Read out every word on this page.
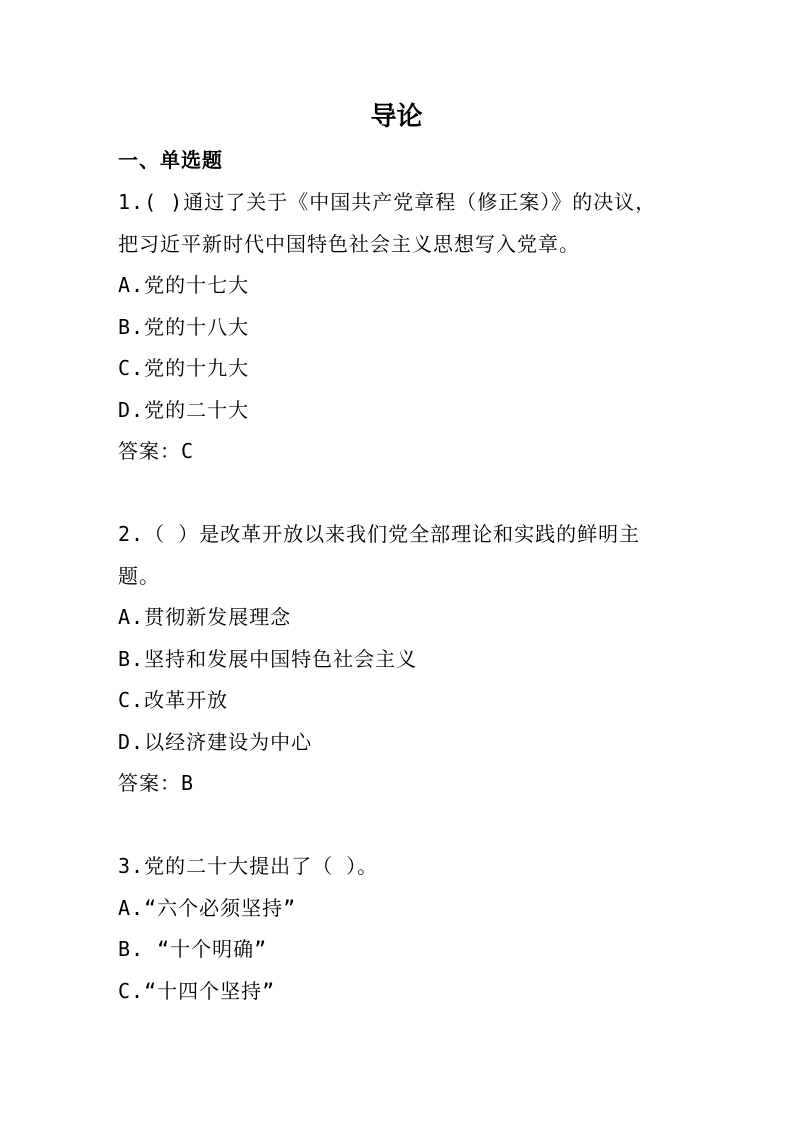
导论
一、单选题
1.( )通过了关于《中国共产党章程（修正案）》的决议，
把习近平新时代中国特色社会主义思想写入党章。
A.党的十七大
B.党的十八大
C.党的十九大
D.党的二十大
答案：C
2.（ ）是改革开放以来我们党全部理论和实践的鲜明主
题。
A.贯彻新发展理念
B.坚持和发展中国特色社会主义
C.改革开放
D.以经济建设为中心
答案：B
3.党的二十大提出了（ ）。
A.“六个必须坚持”
B. “十个明确”
C.“十四个坚持”
